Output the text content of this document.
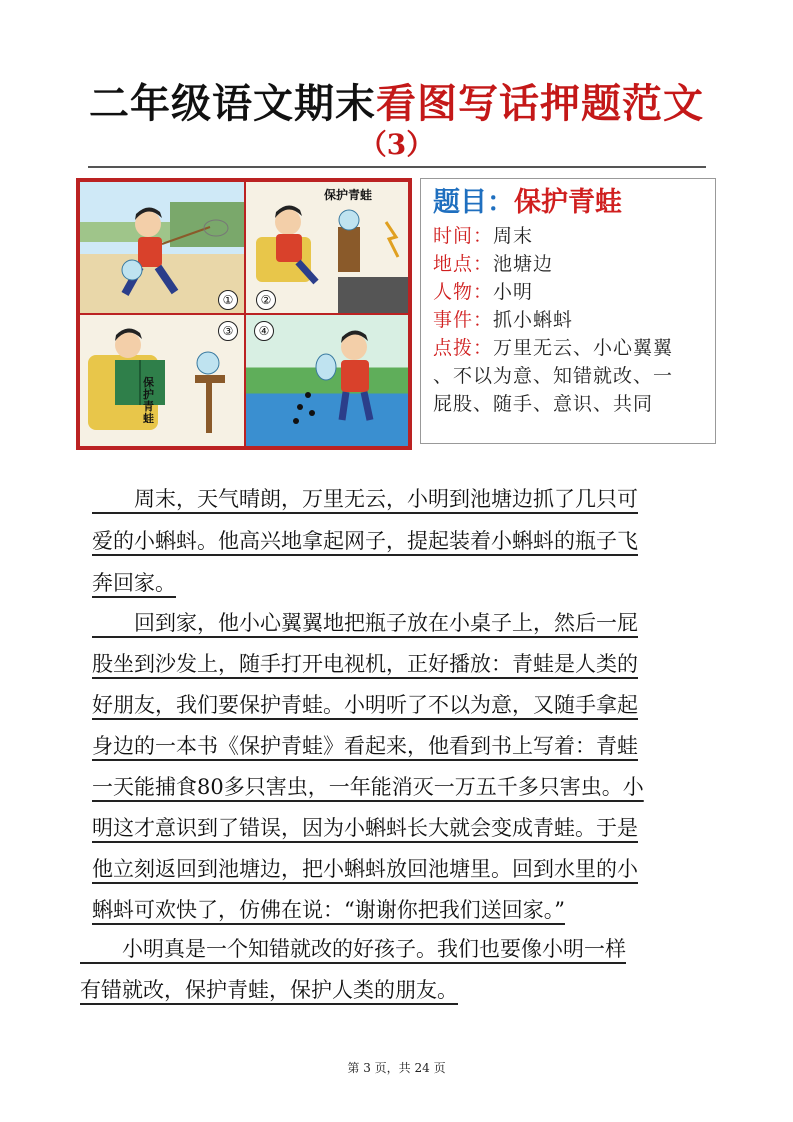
二年级语文期末看图写话押题范文
（3）
①
保护青蛙
②
保护青蛙
③	④
题目：保护青蛙
时间：周末
地点：池塘边
人物：小明
事件：抓小蝌蚪
点拨：万里无云、小心翼翼
、不以为意、知错就改、一
屁股、随手、意识、共同
　　周末，天气晴朗，万里无云，小明到池塘边抓了几只可
爱的小蝌蚪。他高兴地拿起网子，提起装着小蝌蚪的瓶子飞
奔回家。
　　回到家，他小心翼翼地把瓶子放在小桌子上，然后一屁
股坐到沙发上，随手打开电视机，正好播放：青蛙是人类的
好朋友，我们要保护青蛙。小明听了不以为意，又随手拿起
身边的一本书《保护青蛙》看起来，他看到书上写着：青蛙
一天能捕食80多只害虫，一年能消灭一万五千多只害虫。小
明这才意识到了错误，因为小蝌蚪长大就会变成青蛙。于是
他立刻返回到池塘边，把小蝌蚪放回池塘里。回到水里的小
蝌蚪可欢快了，仿佛在说：“谢谢你把我们送回家。”
　　小明真是一个知错就改的好孩子。我们也要像小明一样
有错就改，保护青蛙，保护人类的朋友。
第 3 页，共 24 页
